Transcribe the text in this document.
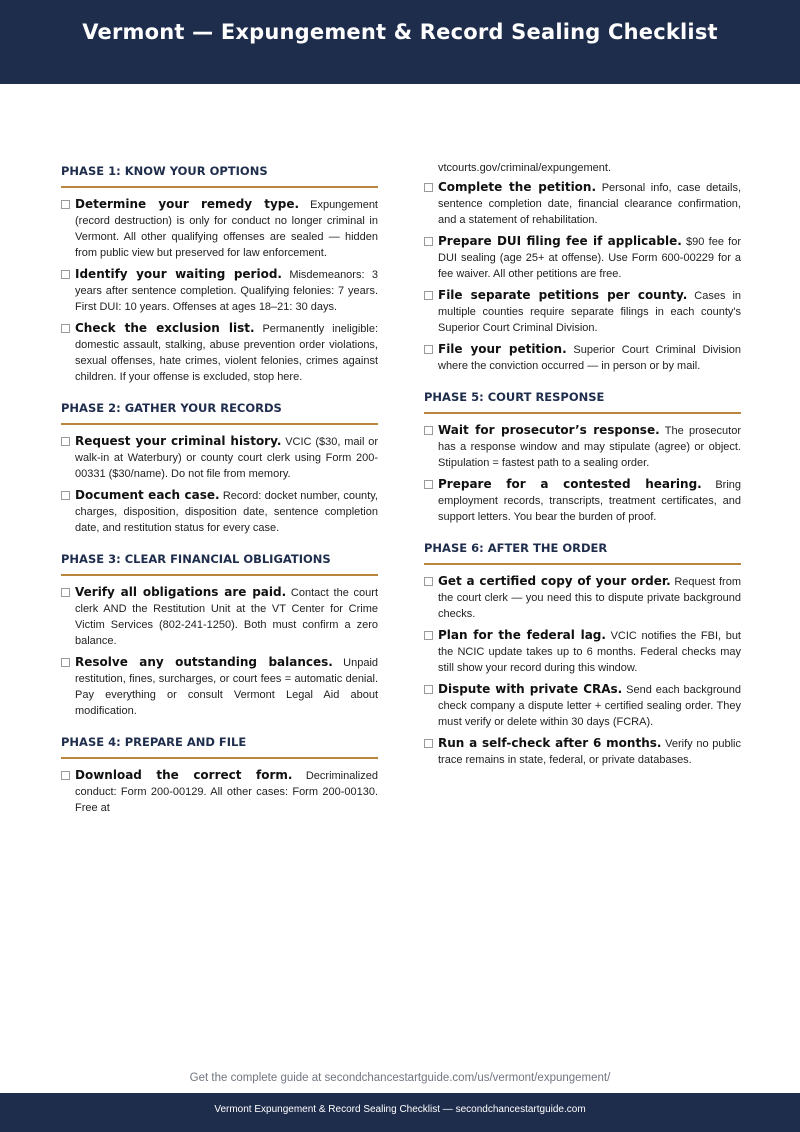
Vermont — Expungement & Record Sealing Checklist
PHASE 1: KNOW YOUR OPTIONS
Determine your remedy type. Expungement (record destruction) is only for conduct no longer criminal in Vermont. All other qualifying offenses are sealed — hidden from public view but preserved for law enforcement.
Identify your waiting period. Misdemeanors: 3 years after sentence completion. Qualifying felonies: 7 years. First DUI: 10 years. Offenses at ages 18–21: 30 days.
Check the exclusion list. Permanently ineligible: domestic assault, stalking, abuse prevention order violations, sexual offenses, hate crimes, violent felonies, crimes against children. If your offense is excluded, stop here.
PHASE 2: GATHER YOUR RECORDS
Request your criminal history. VCIC ($30, mail or walk-in at Waterbury) or county court clerk using Form 200-00331 ($30/name). Do not file from memory.
Document each case. Record: docket number, county, charges, disposition, disposition date, sentence completion date, and restitution status for every case.
PHASE 3: CLEAR FINANCIAL OBLIGATIONS
Verify all obligations are paid. Contact the court clerk AND the Restitution Unit at the VT Center for Crime Victim Services (802-241-1250). Both must confirm a zero balance.
Resolve any outstanding balances. Unpaid restitution, fines, surcharges, or court fees = automatic denial. Pay everything or consult Vermont Legal Aid about modification.
PHASE 4: PREPARE AND FILE
Download the correct form. Decriminalized conduct: Form 200-00129. All other cases: Form 200-00130. Free at

vtcourts.gov/criminal/expungement.

Complete the petition. Personal info, case details, sentence completion date, financial clearance confirmation, and a statement of rehabilitation.
Prepare DUI filing fee if applicable. $90 fee for DUI sealing (age 25+ at offense). Use Form 600-00229 for a fee waiver. All other petitions are free.
File separate petitions per county. Cases in multiple counties require separate filings in each county's Superior Court Criminal Division.
File your petition. Superior Court Criminal Division where the conviction occurred — in person or by mail.
PHASE 5: COURT RESPONSE
Wait for prosecutor’s response. The prosecutor has a response window and may stipulate (agree) or object. Stipulation = fastest path to a sealing order.
Prepare for a contested hearing. Bring employment records, transcripts, treatment certificates, and support letters. You bear the burden of proof.
PHASE 6: AFTER THE ORDER
Get a certified copy of your order. Request from the court clerk — you need this to dispute private background checks.
Plan for the federal lag. VCIC notifies the FBI, but the NCIC update takes up to 6 months. Federal checks may still show your record during this window.
Dispute with private CRAs. Send each background check company a dispute letter + certified sealing order. They must verify or delete within 30 days (FCRA).
Run a self-check after 6 months. Verify no public trace remains in state, federal, or private databases.
Get the complete guide at secondchancestartguide.com/us/vermont/expungement/
Vermont Expungement & Record Sealing Checklist — secondchancestartguide.com
